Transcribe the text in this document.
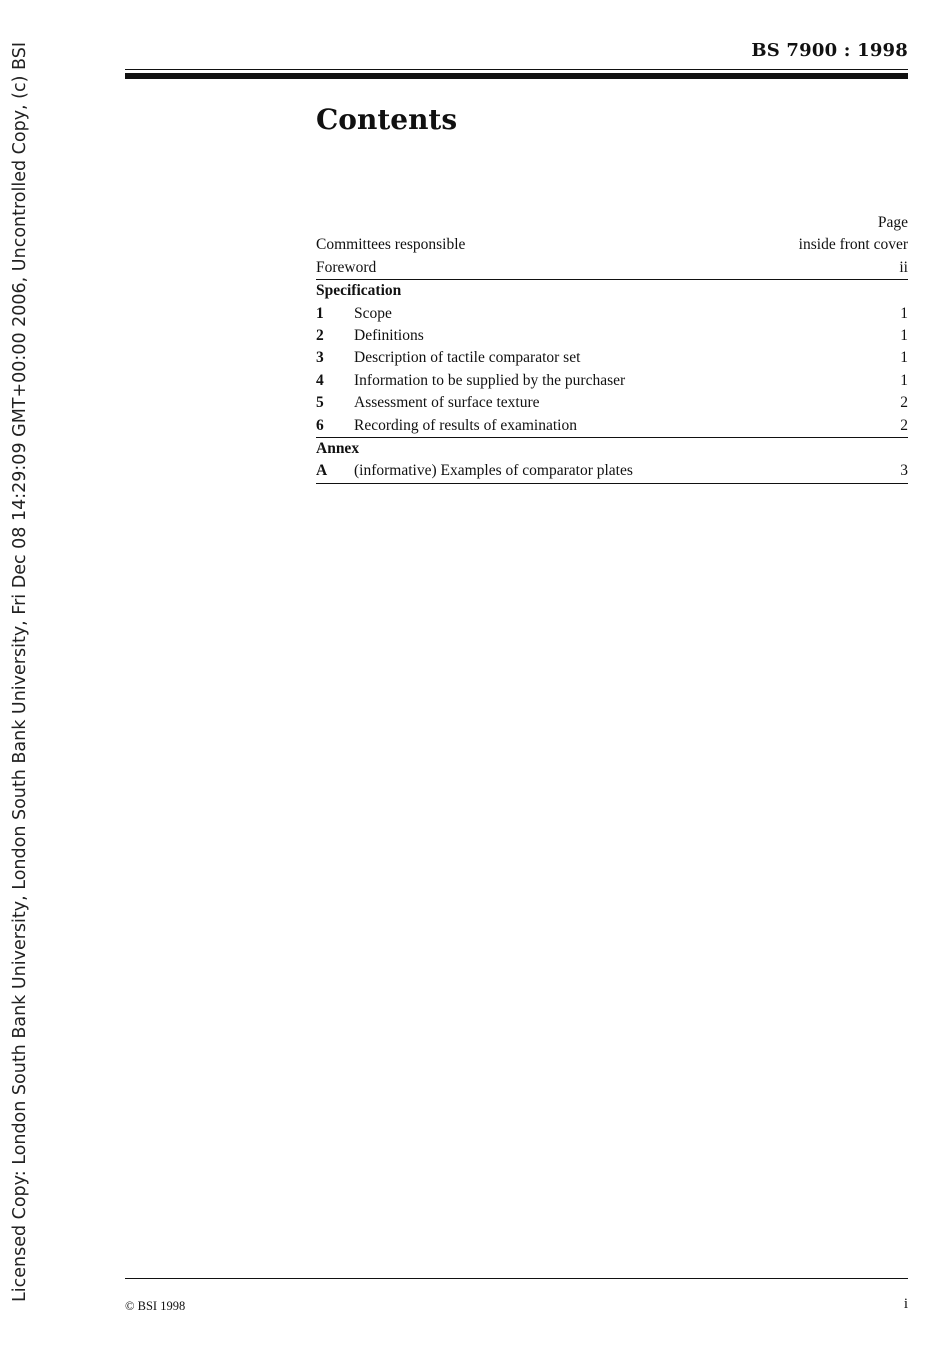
Licensed Copy: London South Bank University, London South Bank University, Fri Dec 08 14:29:09 GMT+00:00 2006, Uncontrolled Copy, (c) BSI	BS 7900 : 1998
Contents
Page
Committees responsible	inside front cover
Foreword	ii
Specification
1	Scope	1
2	Definitions	1
3	Description of tactile comparator set	1
4	Information to be supplied by the purchaser	1
5	Assessment of surface texture	2
6	Recording of results of examination	2
Annex
A	(informative) Examples of comparator plates	3
© BSI 1998	i
